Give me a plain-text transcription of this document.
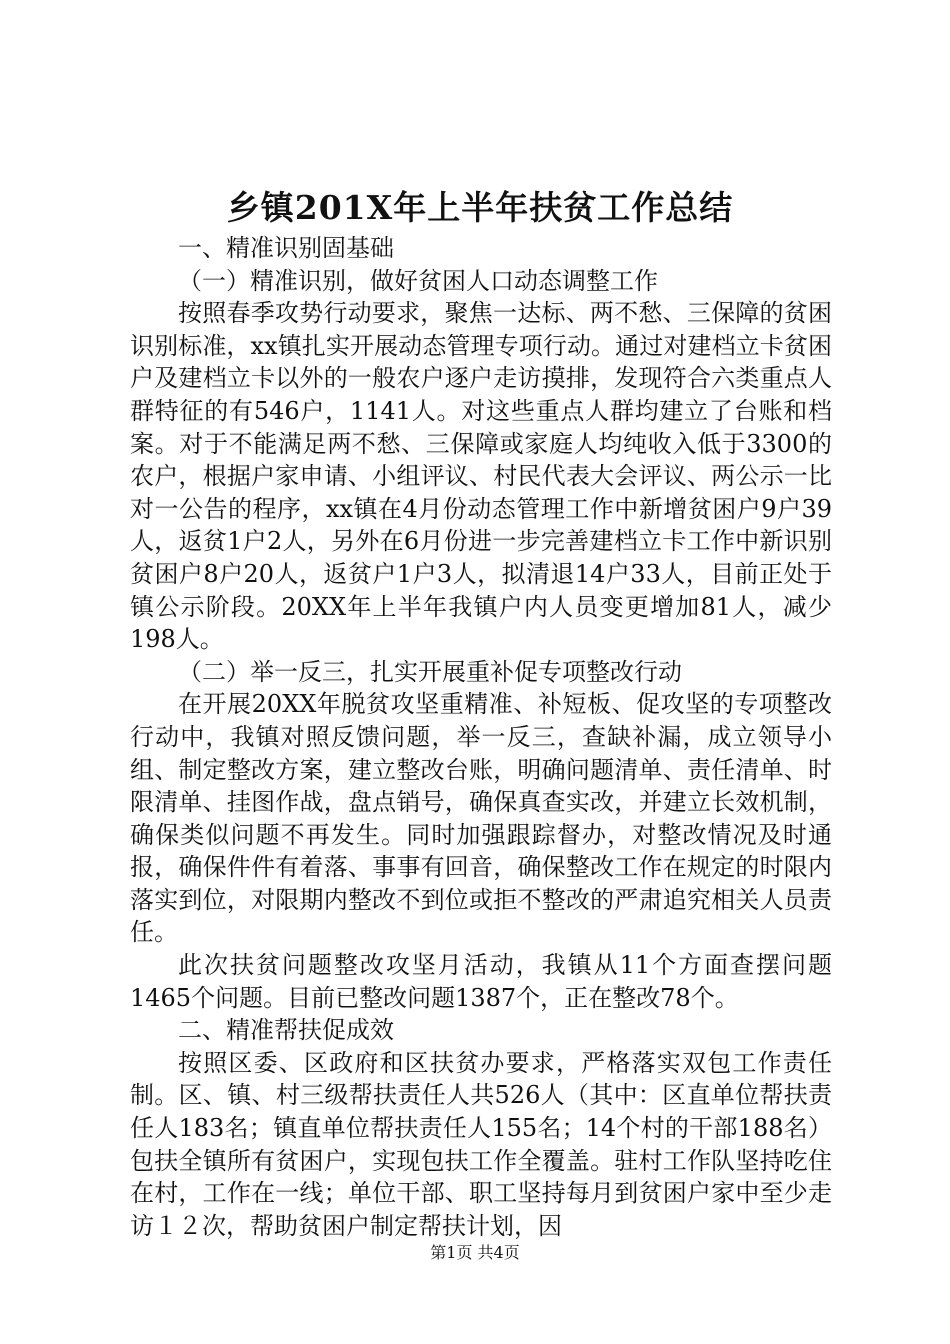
乡镇201X年上半年扶贫工作总结

一、精准识别固基础

（一）精准识别，做好贫困人口动态调整工作

按照春季攻势行动要求，聚焦一达标、两不愁、三保障的贫困识别标准，xx镇扎实开展动态管理专项行动。通过对建档立卡贫困户及建档立卡以外的一般农户逐户走访摸排，发现符合六类重点人群特征的有546户，1141人。对这些重点人群均建立了台账和档案。对于不能满足两不愁、三保障或家庭人均纯收入低于3300的农户，根据户家申请、小组评议、村民代表大会评议、两公示一比对一公告的程序，xx镇在4月份动态管理工作中新增贫困户9户39人，返贫1户2人，另外在6月份进一步完善建档立卡工作中新识别贫困户8户20人，返贫户1户3人，拟清退14户33人，目前正处于镇公示阶段。20XX年上半年我镇户内人员变更增加81人，减少198人。

（二）举一反三，扎实开展重补促专项整改行动

在开展20XX年脱贫攻坚重精准、补短板、促攻坚的专项整改行动中，我镇对照反馈问题，举一反三，查缺补漏，成立领导小组、制定整改方案，建立整改台账，明确问题清单、责任清单、时限清单、挂图作战，盘点销号，确保真查实改，并建立长效机制，确保类似问题不再发生。同时加强跟踪督办，对整改情况及时通报，确保件件有着落、事事有回音，确保整改工作在规定的时限内落实到位，对限期内整改不到位或拒不整改的严肃追究相关人员责任。

此次扶贫问题整改攻坚月活动，我镇从11个方面查摆问题1465个问题。目前已整改问题1387个，正在整改78个。

二、精准帮扶促成效

按照区委、区政府和区扶贫办要求，严格落实双包工作责任制。区、镇、村三级帮扶责任人共526人（其中：区直单位帮扶责任人183名；镇直单位帮扶责任人155名；14个村的干部188名）包扶全镇所有贫困户，实现包扶工作全覆盖。驻村工作队坚持吃住在村，工作在一线；单位干部、职工坚持每月到贫困户家中至少走访１２次，帮助贫困户制定帮扶计划，因

第1页 共4页
